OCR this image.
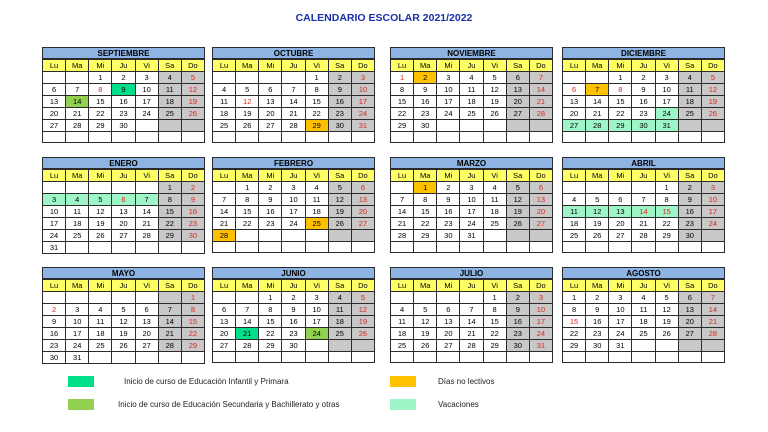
CALENDARIO ESCOLAR 2021/2022
SEPTIEMBRE
Lu	Ma	Mi	Ju	Vi	Sa	Do
		1	2	3	4	5
6	7	8	9	10	11	12
13	14	15	16	17	18	19
20	21	22	23	24	25	26
27	28	29	30			

OCTUBRE
Lu	Ma	Mi	Ju	Vi	Sa	Do
				1	2	3
4	5	6	7	8	9	10
11	12	13	14	15	16	17
18	19	20	21	22	23	24
25	26	27	28	29	30	31

NOVIEMBRE
Lu	Ma	Mi	Ju	Vi	Sa	Do
1	2	3	4	5	6	7
8	9	10	11	12	13	14
15	16	17	18	19	20	21
22	23	24	25	26	27	28
29	30					

DICIEMBRE
Lu	Ma	Mi	Ju	Vi	Sa	Do
		1	2	3	4	5
6	7	8	9	10	11	12
13	14	15	16	17	18	19
20	21	22	23	24	25	26
27	28	29	30	31		

ENERO
Lu	Ma	Mi	Ju	Vi	Sa	Do
					1	2
3	4	5	6	7	8	9
10	11	12	13	14	15	16
17	18	19	20	21	22	23
24	25	26	27	28	29	30
31						
FEBRERO
Lu	Ma	Mi	Ju	Vi	Sa	Do
	1	2	3	4	5	6
7	8	9	10	11	12	13
14	15	16	17	18	19	20
21	22	23	24	25	26	27
28						

MARZO
Lu	Ma	Mi	Ju	Vi	Sa	Do
	1	2	3	4	5	6
7	8	9	10	11	12	13
14	15	16	17	18	19	20
21	22	23	24	25	26	27
28	29	30	31			

ABRIL
Lu	Ma	Mi	Ju	Vi	Sa	Do
				1	2	3
4	5	6	7	8	9	10
11	12	13	14	15	16	17
18	19	20	21	22	23	24
25	26	27	28	29	30	

MAYO
Lu	Ma	Mi	Ju	Vi	Sa	Do
						1
2	3	4	5	6	7	8
9	10	11	12	13	14	15
16	17	18	19	20	21	22
23	24	25	26	27	28	29
30	31					
JUNIO
Lu	Ma	Mi	Ju	Vi	Sa	Do
		1	2	3	4	5
6	7	8	9	10	11	12
13	14	15	16	17	18	19
20	21	22	23	24	25	26
27	28	29	30			

JULIO
Lu	Ma	Mi	Ju	Vi	Sa	Do
				1	2	3
4	5	6	7	8	9	10
11	12	13	14	15	16	17
18	19	20	21	22	23	24
25	26	27	28	29	30	31

AGOSTO
Lu	Ma	Mi	Ju	Vi	Sa	Do
1	2	3	4	5	6	7
8	9	10	11	12	13	14
15	16	17	18	19	20	21
22	23	24	25	26	27	28
29	30	31				

Inicio de curso de Educación Infantil y Primara	Días no lectivos
Inicio de curso de Educación Secundaria y Bachillerato y otras	Vacaciones
